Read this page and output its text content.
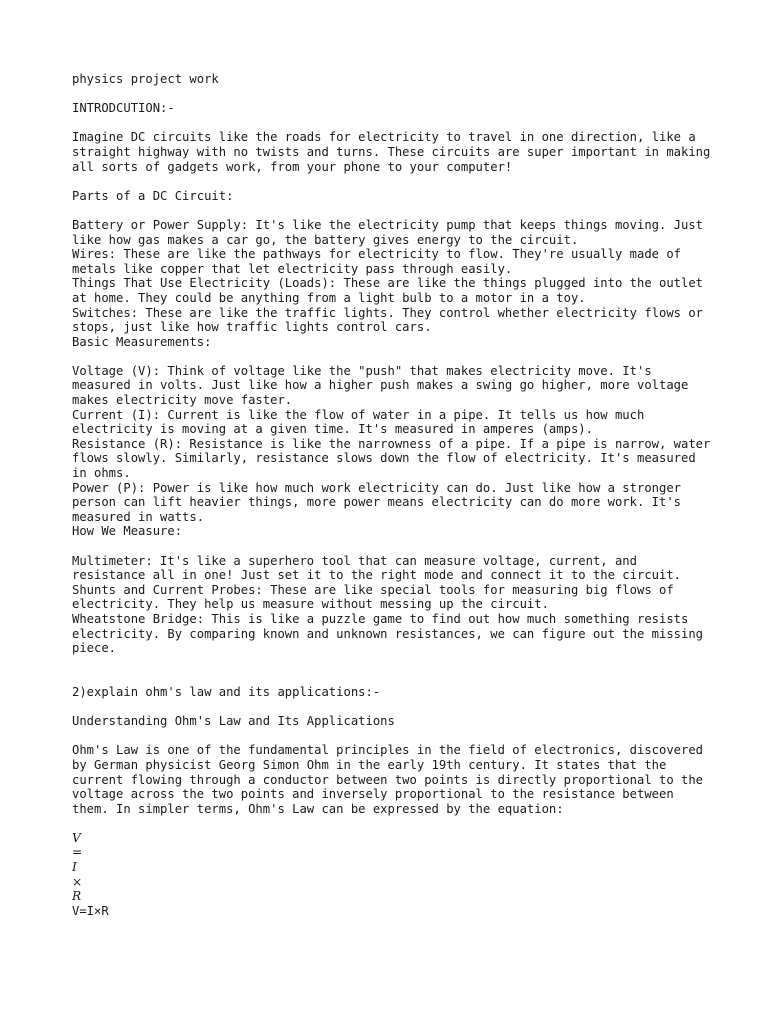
physics project work
INTRODCUTION:-
Imagine DC circuits like the roads for electricity to travel in one direction, like a straight highway with no twists and turns. These circuits are super important in making all sorts of gadgets work, from your phone to your computer!
Parts of a DC Circuit:
Battery or Power Supply: It's like the electricity pump that keeps things moving. Just like how gas makes a car go, the battery gives energy to the circuit.
Wires: These are like the pathways for electricity to flow. They're usually made of metals like copper that let electricity pass through easily.
Things That Use Electricity (Loads): These are like the things plugged into the outlet at home. They could be anything from a light bulb to a motor in a toy.
Switches: These are like the traffic lights. They control whether electricity flows or stops, just like how traffic lights control cars.
Basic Measurements:
Voltage (V): Think of voltage like the "push" that makes electricity move. It's measured in volts. Just like how a higher push makes a swing go higher, more voltage makes electricity move faster.
Current (I): Current is like the flow of water in a pipe. It tells us how much electricity is moving at a given time. It's measured in amperes (amps).
Resistance (R): Resistance is like the narrowness of a pipe. If a pipe is narrow, water flows slowly. Similarly, resistance slows down the flow of electricity. It's measured in ohms.
Power (P): Power is like how much work electricity can do. Just like how a stronger person can lift heavier things, more power means electricity can do more work. It's measured in watts.
How We Measure:
Multimeter: It's like a superhero tool that can measure voltage, current, and resistance all in one! Just set it to the right mode and connect it to the circuit.
Shunts and Current Probes: These are like special tools for measuring big flows of electricity. They help us measure without messing up the circuit.
Wheatstone Bridge: This is like a puzzle game to find out how much something resists electricity. By comparing known and unknown resistances, we can figure out the missing piece.
2)explain ohm's law and its applications:-
Understanding Ohm's Law and Its Applications
Ohm's Law is one of the fundamental principles in the field of electronics, discovered by German physicist Georg Simon Ohm in the early 19th century. It states that the current flowing through a conductor between two points is directly proportional to the voltage across the two points and inversely proportional to the resistance between them. In simpler terms, Ohm's Law can be expressed by the equation:
V
=
I
×
R
V=I×R
